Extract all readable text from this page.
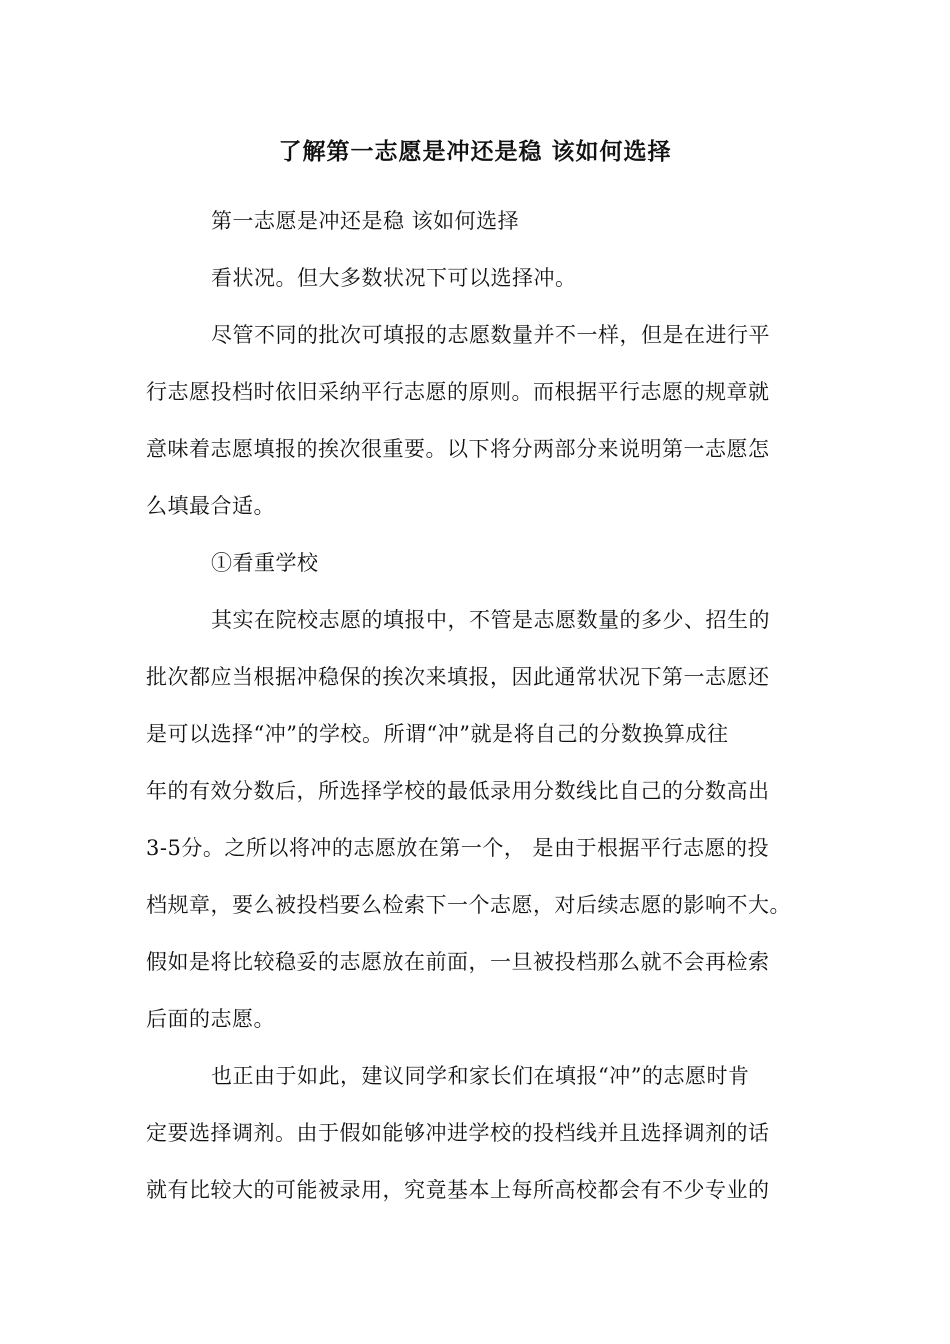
了解第一志愿是冲还是稳 该如何选择
第一志愿是冲还是稳 该如何选择
看状况。但大多数状况下可以选择冲。
尽管不同的批次可填报的志愿数量并不一样，但是在进行平
行志愿投档时依旧采纳平行志愿的原则。而根据平行志愿的规章就
意味着志愿填报的挨次很重要。以下将分两部分来说明第一志愿怎
么填最合适。
①看重学校
其实在院校志愿的填报中，不管是志愿数量的多少、招生的
批次都应当根据冲稳保的挨次来填报，因此通常状况下第一志愿还
是可以选择“冲”的学校。所谓“冲”就是将自己的分数换算成往
年的有效分数后，所选择学校的最低录用分数线比自己的分数高出
3-5分。之所以将冲的志愿放在第一个， 是由于根据平行志愿的投
档规章，要么被投档要么检索下一个志愿，对后续志愿的影响不大。
假如是将比较稳妥的志愿放在前面，一旦被投档那么就不会再检索
后面的志愿。
也正由于如此，建议同学和家长们在填报“冲”的志愿时肯
定要选择调剂。由于假如能够冲进学校的投档线并且选择调剂的话
就有比较大的可能被录用，究竟基本上每所高校都会有不少专业的
